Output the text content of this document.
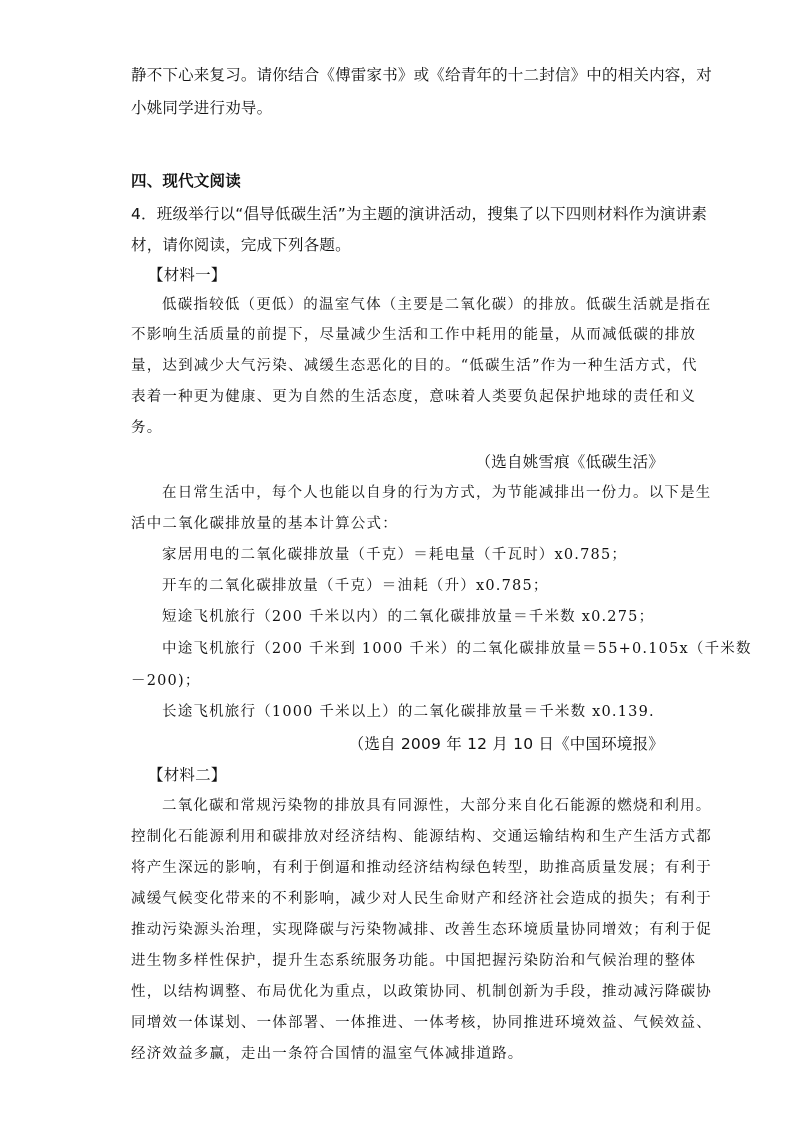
静不下心来复习。请你结合《傅雷家书》或《给青年的十二封信》中的相关内容，对
小姚同学进行劝导。
四、现代文阅读
4．班级举行以“倡导低碳生活”为主题的演讲活动，搜集了以下四则材料作为演讲素
材，请你阅读，完成下列各题。
【材料一】
低碳指较低（更低）的温室气体（主要是二氧化碳）的排放。低碳生活就是指在
不影响生活质量的前提下，尽量减少生活和工作中耗用的能量，从而减低碳的排放
量，达到减少大气污染、减缓生态恶化的目的。“低碳生活”作为一种生活方式，代
表着一种更为健康、更为自然的生活态度，意味着人类要负起保护地球的责任和义
务。
（选自姚雪痕《低碳生活》
在日常生活中，每个人也能以自身的行为方式，为节能减排出一份力。以下是生
活中二氧化碳排放量的基本计算公式：
家居用电的二氧化碳排放量（千克）＝耗电量（千瓦时）x0.785；
开车的二氧化碳排放量（千克）＝油耗（升）x0.785；
短途飞机旅行（200 千米以内）的二氧化碳排放量＝千米数 x0.275；
中途飞机旅行（200 千米到 1000 千米）的二氧化碳排放量＝55+0.105x（千米数
－200)；
长途飞机旅行（1000 千米以上）的二氧化碳排放量＝千米数 x0.139.
（选自 2009 年 12 月 10 日《中国环境报》
【材料二】
二氧化碳和常规污染物的排放具有同源性，大部分来自化石能源的燃烧和利用。
控制化石能源利用和碳排放对经济结构、能源结构、交通运输结构和生产生活方式都
将产生深远的影响，有利于倒逼和推动经济结构绿色转型，助推高质量发展；有利于
减缓气候变化带来的不利影响，减少对人民生命财产和经济社会造成的损失；有利于
推动污染源头治理，实现降碳与污染物减排、改善生态环境质量协同增效；有利于促
进生物多样性保护，提升生态系统服务功能。中国把握污染防治和气候治理的整体
性，以结构调整、布局优化为重点，以政策协同、机制创新为手段，推动减污降碳协
同增效一体谋划、一体部署、一体推进、一体考核，协同推进环境效益、气候效益、
经济效益多赢，走出一条符合国情的温室气体减排道路。
